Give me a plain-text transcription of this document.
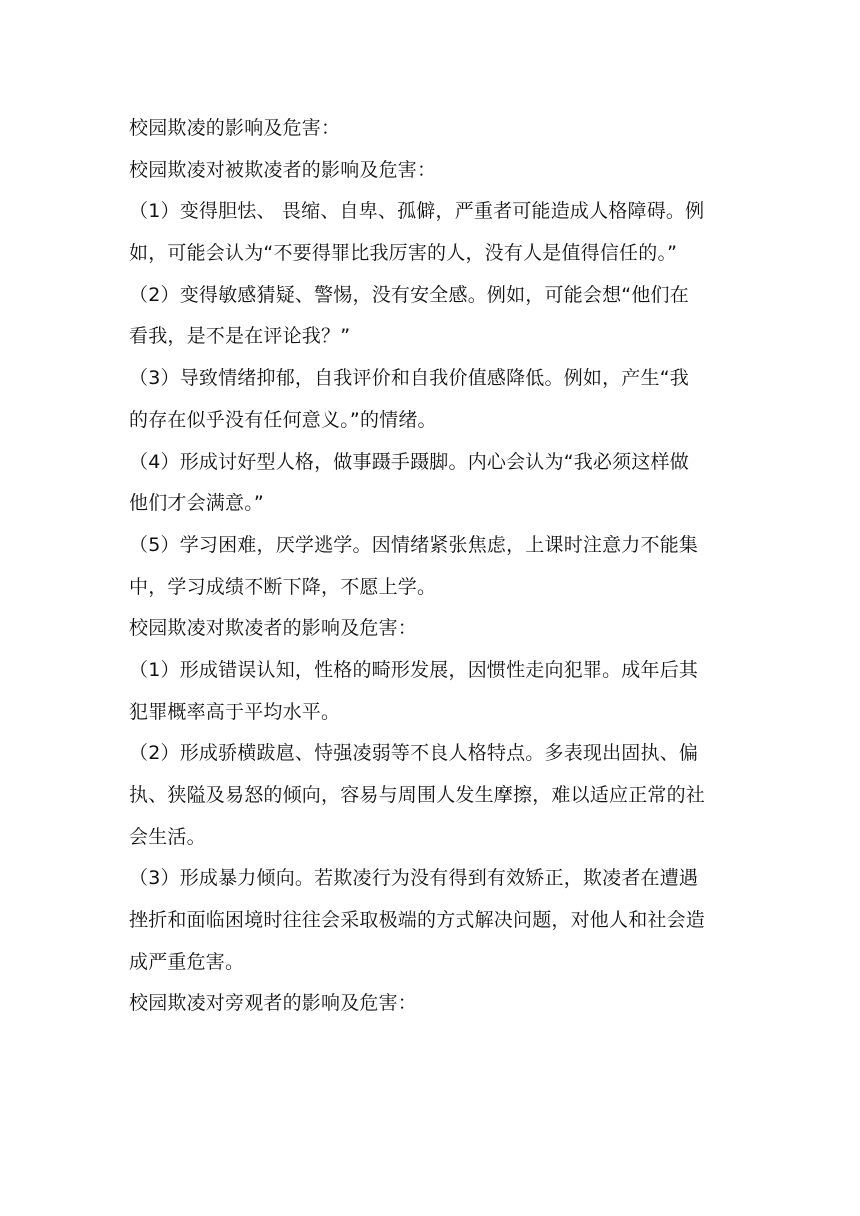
校园欺凌的影响及危害：
校园欺凌对被欺凌者的影响及危害：
（1）变得胆怯、 畏缩、自卑、孤僻，严重者可能造成人格障碍。例
如，可能会认为“不要得罪比我厉害的人，没有人是值得信任的。”
（2）变得敏感猜疑、警惕，没有安全感。例如，可能会想“他们在
看我，是不是在评论我？”
（3）导致情绪抑郁，自我评价和自我价值感降低。例如，产生“我
的存在似乎没有任何意义。”的情绪。
（4）形成讨好型人格，做事蹑手蹑脚。内心会认为“我必须这样做
他们才会满意。”
（5）学习困难，厌学逃学。因情绪紧张焦虑，上课时注意力不能集
中，学习成绩不断下降，不愿上学。
校园欺凌对欺凌者的影响及危害：
（1）形成错误认知，性格的畸形发展，因惯性走向犯罪。成年后其
犯罪概率高于平均水平。
（2）形成骄横跋扈、恃强凌弱等不良人格特点。多表现出固执、偏
执、狭隘及易怒的倾向，容易与周围人发生摩擦，难以适应正常的社
会生活。
（3）形成暴力倾向。若欺凌行为没有得到有效矫正，欺凌者在遭遇
挫折和面临困境时往往会采取极端的方式解决问题，对他人和社会造
成严重危害。
校园欺凌对旁观者的影响及危害：
